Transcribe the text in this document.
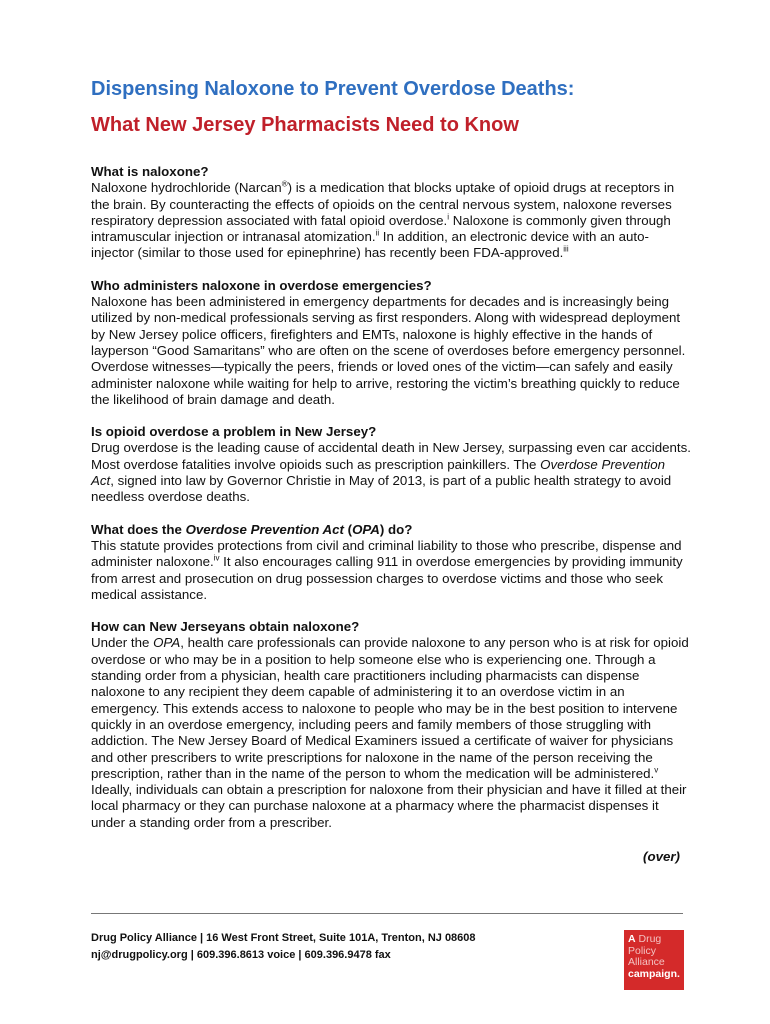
Dispensing Naloxone to Prevent Overdose Deaths:
What New Jersey Pharmacists Need to Know
What is naloxone?
Naloxone hydrochloride (Narcan®) is a medication that blocks uptake of opioid drugs at receptors in the brain. By counteracting the effects of opioids on the central nervous system, naloxone reverses respiratory depression associated with fatal opioid overdose.$^i$ Naloxone is commonly given through intramuscular injection or intranasal atomization.$^{ii}$ In addition, an electronic device with an auto-injector (similar to those used for epinephrine) has recently been FDA-approved.$^{iii}$
Who administers naloxone in overdose emergencies?
Naloxone has been administered in emergency departments for decades and is increasingly being utilized by non-medical professionals serving as first responders. Along with widespread deployment by New Jersey police officers, firefighters and EMTs, naloxone is highly effective in the hands of layperson “Good Samaritans” who are often on the scene of overdoses before emergency personnel. Overdose witnesses—typically the peers, friends or loved ones of the victim—can safely and easily administer naloxone while waiting for help to arrive, restoring the victim’s breathing quickly to reduce the likelihood of brain damage and death.
Is opioid overdose a problem in New Jersey?
Drug overdose is the leading cause of accidental death in New Jersey, surpassing even car accidents. Most overdose fatalities involve opioids such as prescription painkillers. The Overdose Prevention Act, signed into law by Governor Christie in May of 2013, is part of a public health strategy to avoid needless overdose deaths.
What does the Overdose Prevention Act (OPA) do?
This statute provides protections from civil and criminal liability to those who prescribe, dispense and administer naloxone.$^{iv}$ It also encourages calling 911 in overdose emergencies by providing immunity from arrest and prosecution on drug possession charges to overdose victims and those who seek medical assistance.
How can New Jerseyans obtain naloxone?
Under the OPA, health care professionals can provide naloxone to any person who is at risk for opioid overdose or who may be in a position to help someone else who is experiencing one. Through a standing order from a physician, health care practitioners including pharmacists can dispense naloxone to any recipient they deem capable of administering it to an overdose victim in an emergency. This extends access to naloxone to people who may be in the best position to intervene quickly in an overdose emergency, including peers and family members of those struggling with addiction. The New Jersey Board of Medical Examiners issued a certificate of waiver for physicians and other prescribers to write prescriptions for naloxone in the name of the person receiving the prescription, rather than in the name of the person to whom the medication will be administered.$^v$ Ideally, individuals can obtain a prescription for naloxone from their physician and have it filled at their local pharmacy or they can purchase naloxone at a pharmacy where the pharmacist dispenses it under a standing order from a prescriber.
(over)
Drug Policy Alliance | 16 West Front Street, Suite 101A, Trenton, NJ 08608
nj@drugpolicy.org | 609.396.8613 voice | 609.396.9478 fax
A Drug
Policy
Alliance
campaign.
